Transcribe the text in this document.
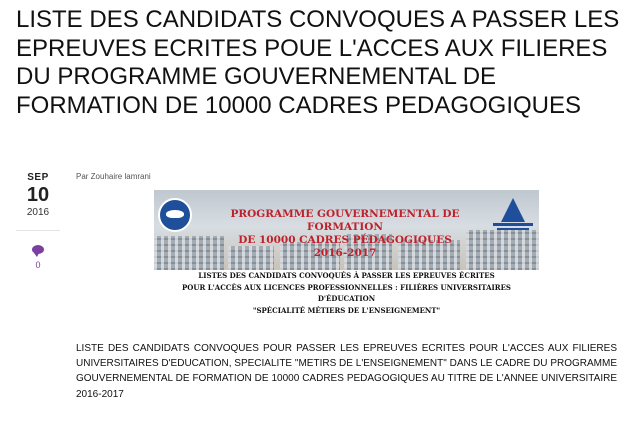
LISTE DES CANDIDATS CONVOQUES A PASSER LES EPREUVES ECRITES POUE L'ACCES AUX FILIERES DU PROGRAMME GOUVERNEMENTAL DE FORMATION DE 10000 CADRES PEDAGOGIQUES
SEP
10
2016
0
Par Zouhaire lamrani
PROGRAMME GOUVERNEMENTAL DE FORMATION
DE 10000 CADRES PÉDAGOGIQUES
2016-2017
LISTES DES CANDIDATS CONVOQUÉS À PASSER LES EPREUVES ÉCRITES
POUR L'ACCÈS AUX LICENCES PROFESSIONNELLES : FILIÈRES UNIVERSITAIRES D'ÉDUCATION
"SPÉCIALITÉ MÉTIERS DE L'ENSEIGNEMENT"

LISTE DES CANDIDATS CONVOQUES POUR PASSER LES EPREUVES ECRITES POUR L'ACCES AUX FILIERES UNIVERSITAIRES D'EDUCATION, SPECIALITE "METIRS DE L'ENSEIGNEMENT" DANS LE CADRE DU PROGRAMME GOUVERNEMENTAL DE FORMATION DE 10000 CADRES PEDAGOGIQUES AU TITRE DE L'ANNEE UNIVERSITAIRE 2016-2017
